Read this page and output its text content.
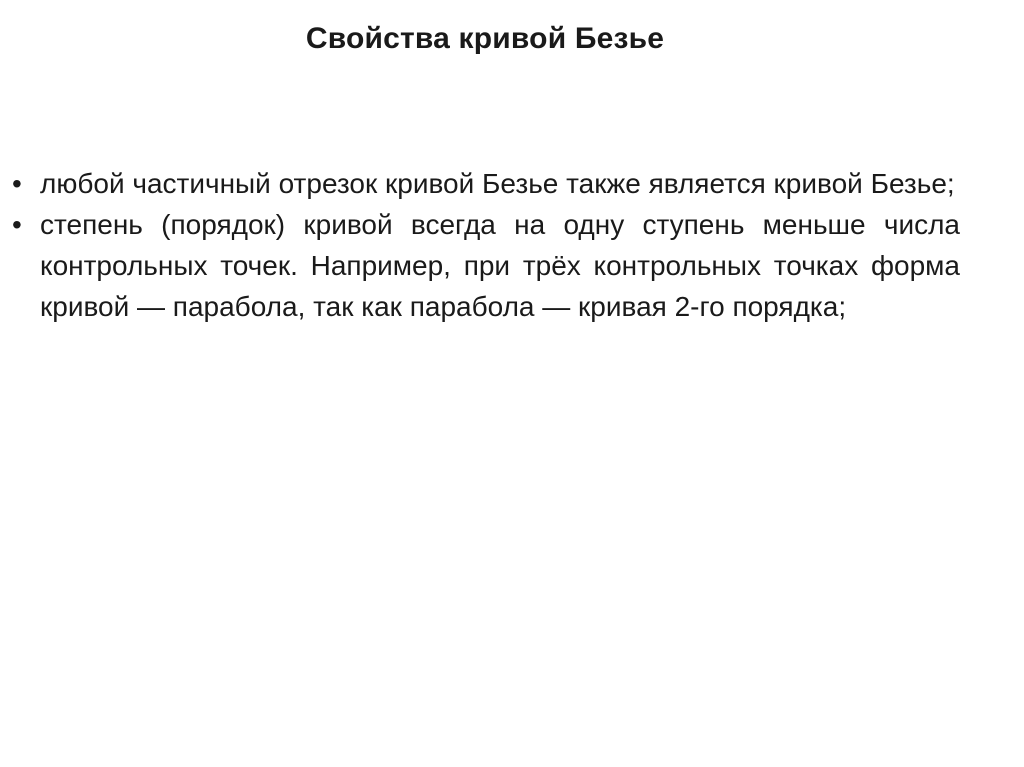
Свойства кривой Безье
• любой частичный отрезок кривой Безье также является кривой Безье;
• степень (порядок) кривой всегда на одну ступень меньше числа контрольных точек. Например, при трёх контрольных точках форма кривой — парабола, так как парабола — кривая 2-го порядка;
